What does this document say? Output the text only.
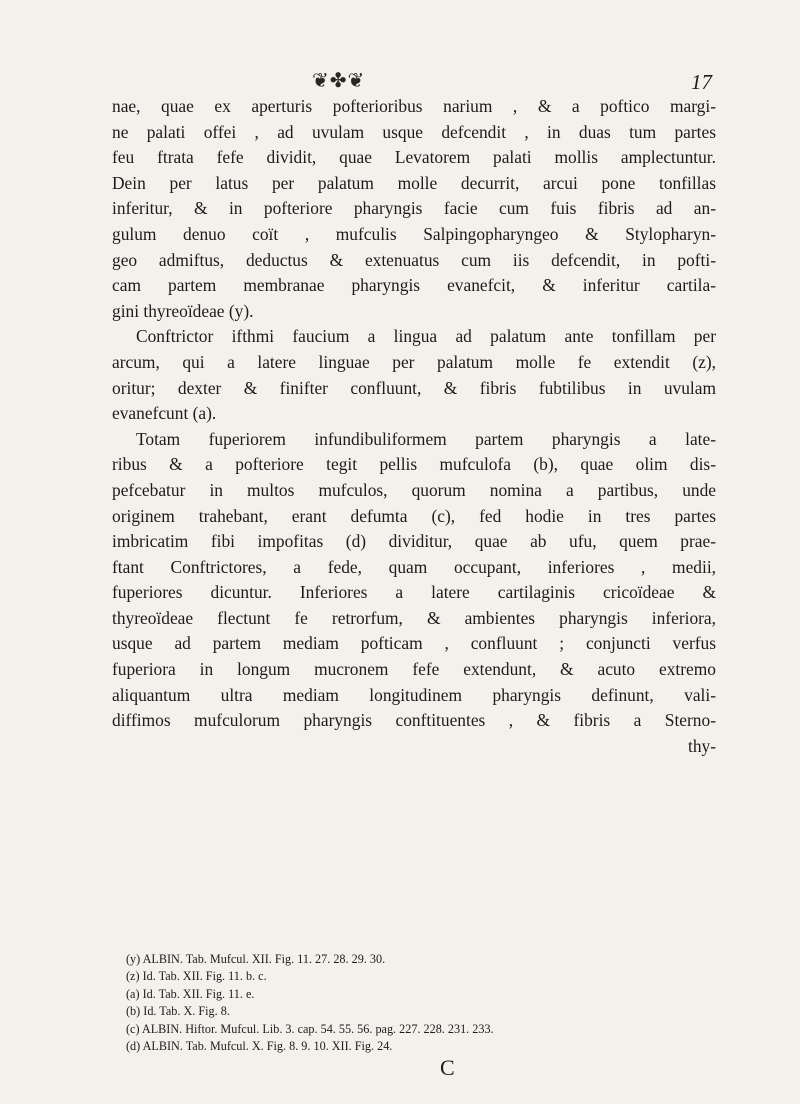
❦✤❦	17
nae, quae ex aperturis pofterioribus narium , & a poftico margi-
ne palati offei , ad uvulam usque defcendit , in duas tum partes
feu ftrata fefe dividit, quae Levatorem palati mollis amplectuntur.
Dein per latus per palatum molle decurrit, arcui pone tonfillas
inferitur, & in pofteriore pharyngis facie cum fuis fibris ad an-
gulum denuo coït , mufculis Salpingopharyngeo & Stylopharyn-
geo admiftus, deductus & extenuatus cum iis defcendit, in pofti-
cam partem membranae pharyngis evanefcit, & inferitur cartila-
gini thyreoïdeae (y).
Conftrictor ifthmi faucium a lingua ad palatum ante tonfillam per
arcum, qui a latere linguae per palatum molle fe extendit (z),
oritur; dexter & finifter confluunt, & fibris fubtilibus in uvulam
evanefcunt (a).
Totam fuperiorem infundibuliformem partem pharyngis a late-
ribus & a pofteriore tegit pellis mufculofa (b), quae olim dis-
pefcebatur in multos mufculos, quorum nomina a partibus, unde
originem trahebant, erant defumta (c), fed hodie in tres partes
imbricatim fibi impofitas (d) dividitur, quae ab ufu, quem prae-
ftant Conftrictores, a fede, quam occupant, inferiores , medii,
fuperiores dicuntur. Inferiores a latere cartilaginis cricoïdeae &
thyreoïdeae flectunt fe retrorfum, & ambientes pharyngis inferiora,
usque ad partem mediam pofticam , confluunt ; conjuncti verfus
fuperiora in longum mucronem fefe extendunt, & acuto extremo
aliquantum ultra mediam longitudinem pharyngis definunt, vali-
diffimos mufculorum pharyngis conftituentes , & fibris a Sterno-
thy-
(y) ALBIN. Tab. Mufcul. XII. Fig. 11. 27. 28. 29. 30.
(z) Id. Tab. XII. Fig. 11. b. c.
(a) Id. Tab. XII. Fig. 11. e.
(b) Id. Tab. X. Fig. 8.
(c) ALBIN. Hiftor. Mufcul. Lib. 3. cap. 54. 55. 56. pag. 227. 228. 231. 233.
(d) ALBIN. Tab. Mufcul. X. Fig. 8. 9. 10. XII. Fig. 24.
C
